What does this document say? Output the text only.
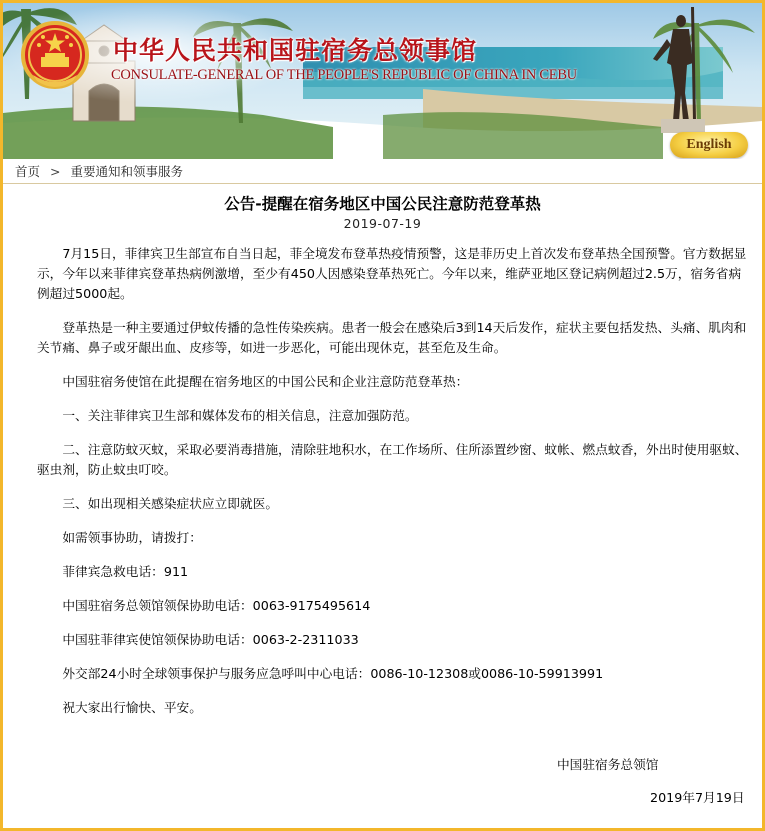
中华人民共和国驻宿务总领事馆
CONSULATE-GENERAL OF THE PEOPLE'S REPUBLIC OF CHINA IN CEBU
English
首页 > 重要通知和领事服务
公告-提醒在宿务地区中国公民注意防范登革热
2019-07-19

　　7月15日，菲律宾卫生部宣布自当日起，菲全境发布登革热疫情预警，这是菲历史上首次发布登革热全国预警。官方数据显示，今年以来菲律宾登革热病例激增，至少有450人因感染登革热死亡。今年以来，维萨亚地区登记病例超过2.5万，宿务省病例超过5000起。

　　登革热是一种主要通过伊蚊传播的急性传染疾病。患者一般会在感染后3到14天后发作，症状主要包括发热、头痛、肌肉和关节痛、鼻子或牙龈出血、皮疹等，如进一步恶化，可能出现休克，甚至危及生命。

　　中国驻宿务使馆在此提醒在宿务地区的中国公民和企业注意防范登革热：

　　一、关注菲律宾卫生部和媒体发布的相关信息，注意加强防范。

　　二、注意防蚊灭蚊，采取必要消毒措施，清除驻地积水，在工作场所、住所添置纱窗、蚊帐、燃点蚊香，外出时使用驱蚊、驱虫剂，防止蚊虫叮咬。

　　三、如出现相关感染症状应立即就医。

　　如需领事协助，请拨打：

　　菲律宾急救电话：911

　　中国驻宿务总领馆领保协助电话：0063-9175495614

　　中国驻菲律宾使馆领保协助电话：0063-2-2311033

　　外交部24小时全球领事保护与服务应急呼叫中心电话：0086-10-12308或0086-10-59913991

　　祝大家出行愉快、平安。

中国驻宿务总领馆
2019年7月19日
